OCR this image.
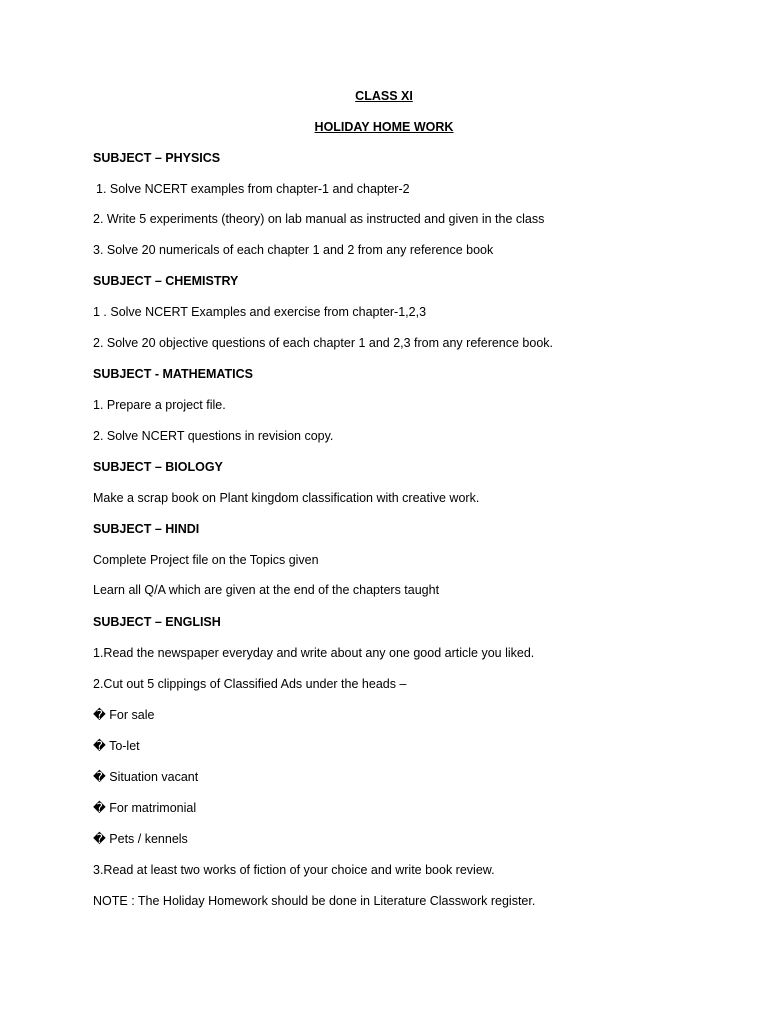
CLASS XI
HOLIDAY HOME WORK
SUBJECT – PHYSICS
1. Solve NCERT examples from chapter-1 and chapter-2
2. Write 5 experiments (theory) on lab manual as instructed and given in the class
3. Solve 20 numericals of each chapter 1 and 2 from any reference book
SUBJECT – CHEMISTRY
1 . Solve NCERT Examples and exercise from chapter-1,2,3
2. Solve 20 objective questions of each chapter 1 and 2,3 from any reference book.
SUBJECT - MATHEMATICS
1. Prepare a project file.
2. Solve NCERT questions in revision copy.
SUBJECT – BIOLOGY
Make a scrap book on Plant kingdom classification with creative work.
SUBJECT – HINDI
Complete Project file on the Topics given
Learn all Q/A which are given at the end of the chapters taught
SUBJECT – ENGLISH
1.Read the newspaper everyday and write about any one good article you liked.
2.Cut out 5 clippings of Classified Ads under the heads –
� For sale
� To-let
� Situation vacant
� For matrimonial
� Pets / kennels
3.Read at least two works of fiction of your choice and write book review.
NOTE : The Holiday Homework should be done in Literature Classwork register.
